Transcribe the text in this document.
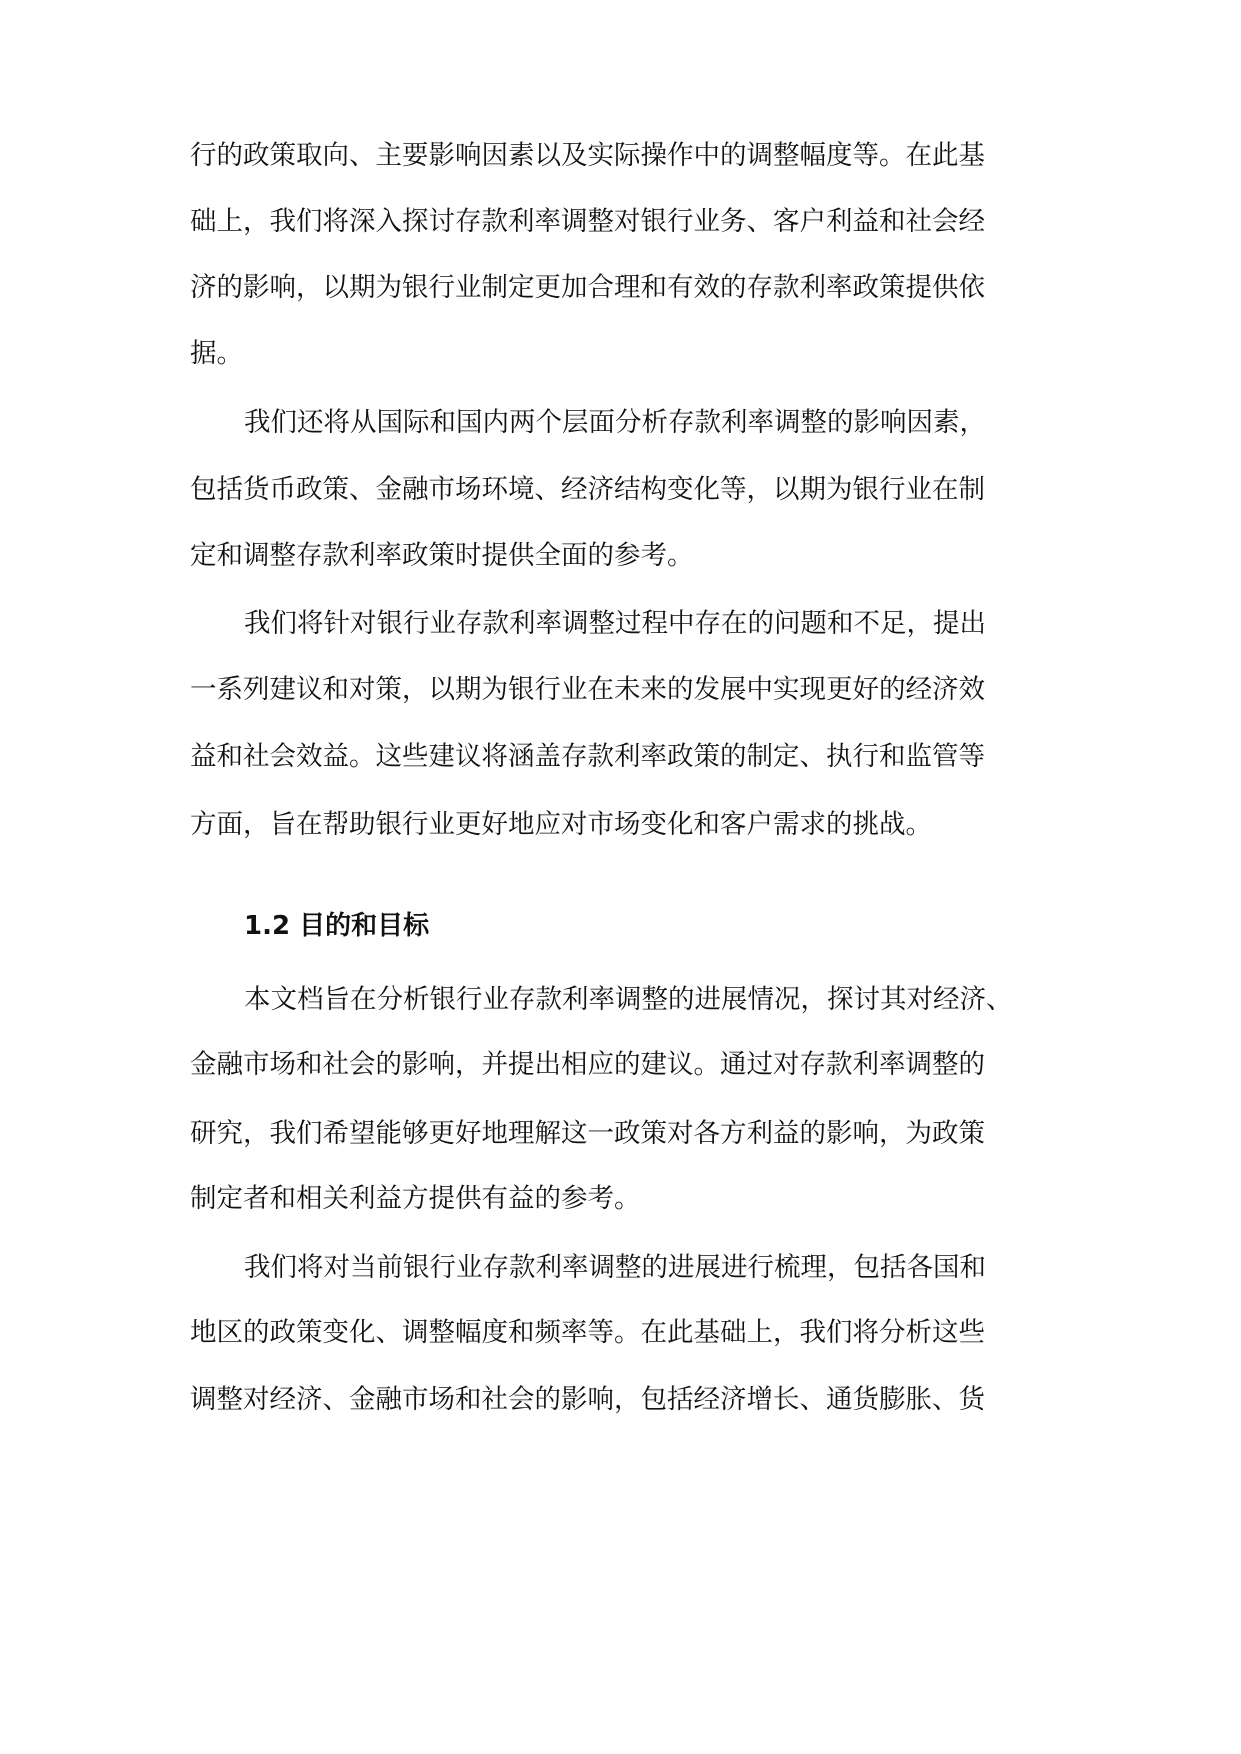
行的政策取向、主要影响因素以及实际操作中的调整幅度等。在此基
础上，我们将深入探讨存款利率调整对银行业务、客户利益和社会经
济的影响，以期为银行业制定更加合理和有效的存款利率政策提供依
据。
我们还将从国际和国内两个层面分析存款利率调整的影响因素，
包括货币政策、金融市场环境、经济结构变化等，以期为银行业在制
定和调整存款利率政策时提供全面的参考。
我们将针对银行业存款利率调整过程中存在的问题和不足，提出
一系列建议和对策，以期为银行业在未来的发展中实现更好的经济效
益和社会效益。这些建议将涵盖存款利率政策的制定、执行和监管等
方面，旨在帮助银行业更好地应对市场变化和客户需求的挑战。
1.2 目的和目标
本文档旨在分析银行业存款利率调整的进展情况，探讨其对经济、
金融市场和社会的影响，并提出相应的建议。通过对存款利率调整的
研究，我们希望能够更好地理解这一政策对各方利益的影响，为政策
制定者和相关利益方提供有益的参考。
我们将对当前银行业存款利率调整的进展进行梳理，包括各国和
地区的政策变化、调整幅度和频率等。在此基础上，我们将分析这些
调整对经济、金融市场和社会的影响，包括经济增长、通货膨胀、货
